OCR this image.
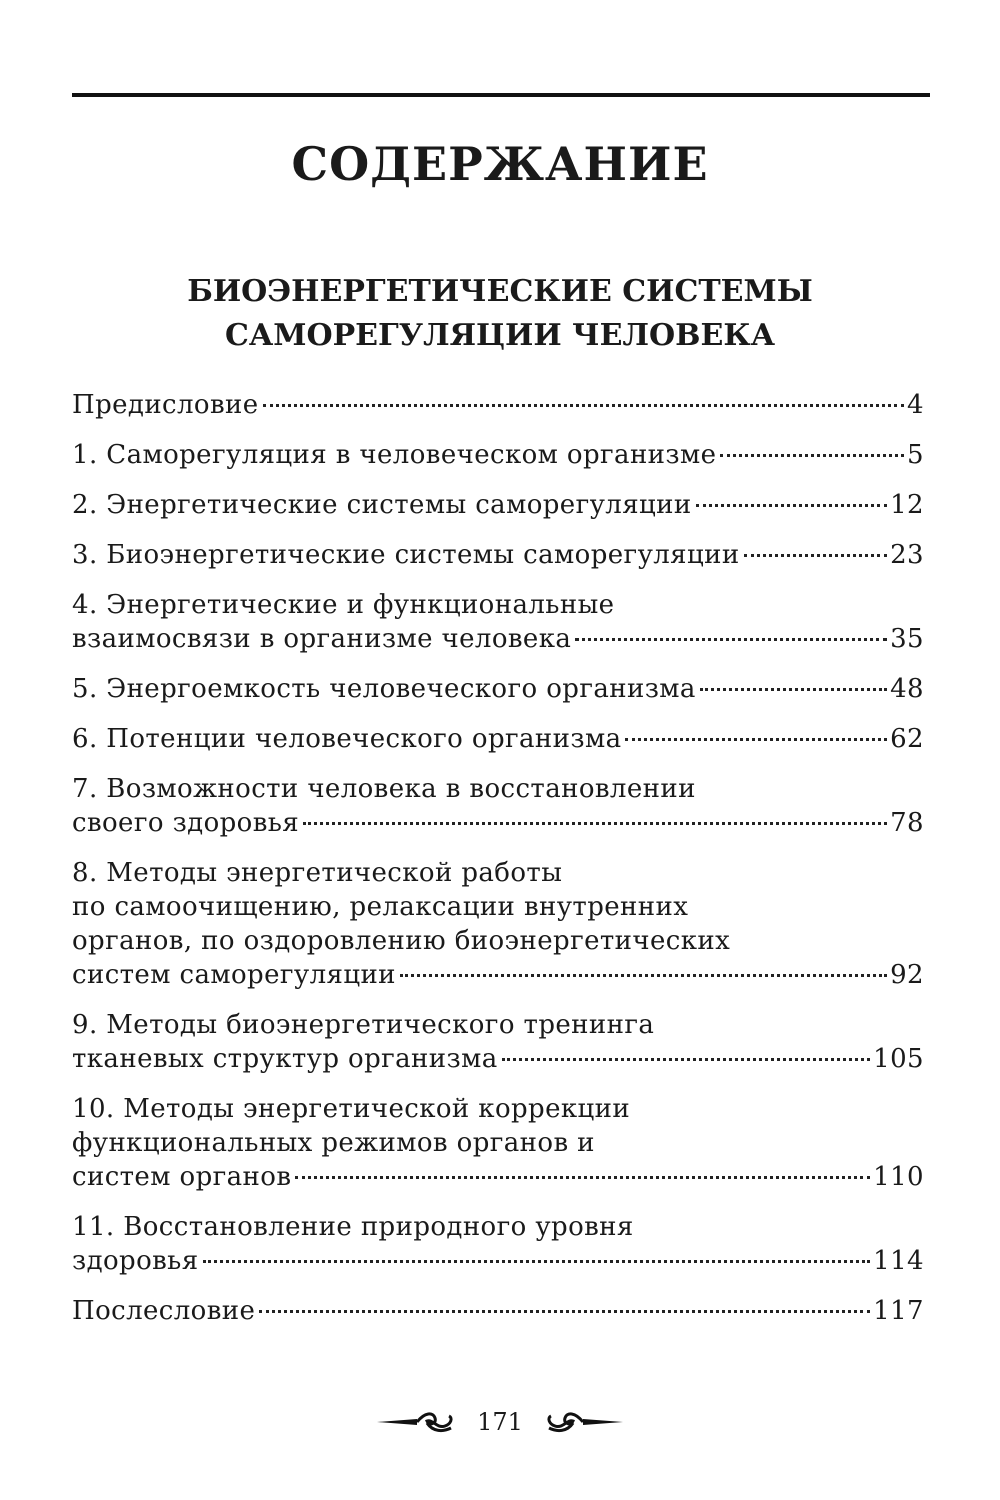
СОДЕРЖАНИЕ
БИОЭНЕРГЕТИЧЕСКИЕ СИСТЕМЫ
САМОРЕГУЛЯЦИИ ЧЕЛОВЕКА
Предисловие	4
1. Саморегуляция в человеческом организме	5
2. Энергетические системы саморегуляции	12
3. Биоэнергетические системы саморегуляции	23
4. Энергетические и функциональные
взаимосвязи в организме человека	35
5. Энергоемкость человеческого организма	48
6. Потенции человеческого организма	62
7. Возможности человека в восстановлении
своего здоровья	78
8. Методы энергетической работы
по самоочищению, релаксации внутренних
органов, по оздоровлению биоэнергетических
систем саморегуляции	92
9. Методы биоэнергетического тренинга
тканевых структур организма	105
10. Методы энергетической коррекции
функциональных режимов органов и
систем органов	110
11. Восстановление природного уровня
здоровья	114
Послесловие	117
171
